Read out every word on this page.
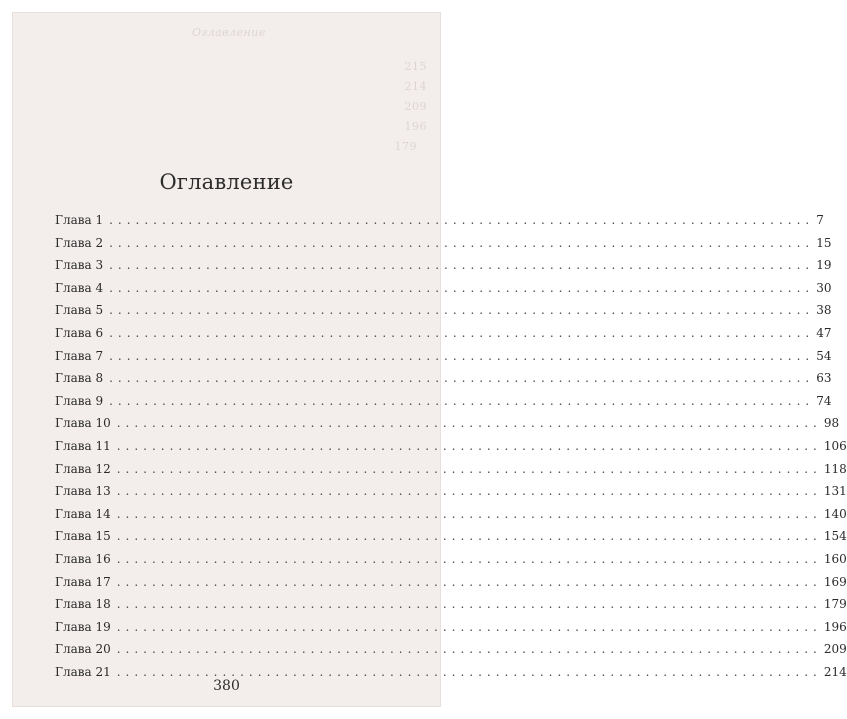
Оглавление
215
214
209
196
179
Оглавление
Глава 1 ................................................................................ 7
Глава 2 ................................................................................ 15
Глава 3 ................................................................................ 19
Глава 4 ................................................................................ 30
Глава 5 ................................................................................ 38
Глава 6 ................................................................................ 47
Глава 7 ................................................................................ 54
Глава 8 ................................................................................ 63
Глава 9 ................................................................................ 74
Глава 10 ................................................................................ 98
Глава 11 ................................................................................ 106
Глава 12 ................................................................................ 118
Глава 13 ................................................................................ 131
Глава 14 ................................................................................ 140
Глава 15 ................................................................................ 154
Глава 16 ................................................................................ 160
Глава 17 ................................................................................ 169
Глава 18 ................................................................................ 179
Глава 19 ................................................................................ 196
Глава 20 ................................................................................ 209
Глава 21 ................................................................................ 214
380
